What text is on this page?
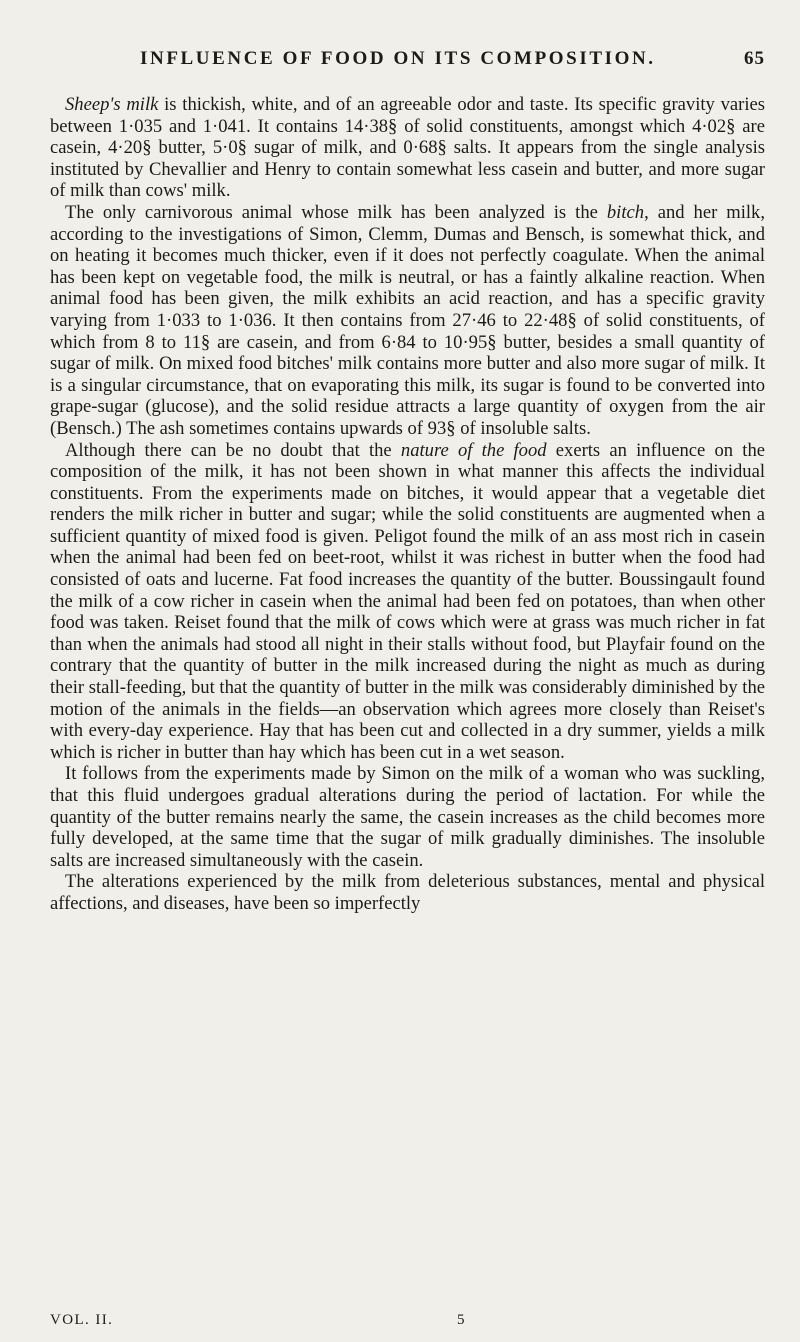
INFLUENCE OF FOOD ON ITS COMPOSITION.	65

Sheep's milk is thickish, white, and of an agreeable odor and taste. Its specific gravity varies between 1·035 and 1·041. It contains 14·38§ of solid constituents, amongst which 4·02§ are casein, 4·20§ butter, 5·0§ sugar of milk, and 0·68§ salts. It appears from the single analysis instituted by Chevallier and Henry to contain somewhat less casein and butter, and more sugar of milk than cows' milk.

The only carnivorous animal whose milk has been analyzed is the bitch, and her milk, according to the investigations of Simon, Clemm, Dumas and Bensch, is somewhat thick, and on heating it becomes much thicker, even if it does not perfectly coagulate. When the animal has been kept on vegetable food, the milk is neutral, or has a faintly alkaline reaction. When animal food has been given, the milk exhibits an acid reaction, and has a specific gravity varying from 1·033 to 1·036. It then contains from 27·46 to 22·48§ of solid constituents, of which from 8 to 11§ are casein, and from 6·84 to 10·95§ butter, besides a small quantity of sugar of milk. On mixed food bitches' milk contains more butter and also more sugar of milk. It is a singular circumstance, that on evaporating this milk, its sugar is found to be converted into grape-sugar (glucose), and the solid residue attracts a large quantity of oxygen from the air (Bensch.) The ash sometimes contains upwards of 93§ of insoluble salts.

Although there can be no doubt that the nature of the food exerts an influence on the composition of the milk, it has not been shown in what manner this affects the individual constituents. From the experiments made on bitches, it would appear that a vegetable diet renders the milk richer in butter and sugar; while the solid constituents are augmented when a sufficient quantity of mixed food is given. Peligot found the milk of an ass most rich in casein when the animal had been fed on beet-root, whilst it was richest in butter when the food had consisted of oats and lucerne. Fat food increases the quantity of the butter. Boussingault found the milk of a cow richer in casein when the animal had been fed on potatoes, than when other food was taken. Reiset found that the milk of cows which were at grass was much richer in fat than when the animals had stood all night in their stalls without food, but Playfair found on the contrary that the quantity of butter in the milk increased during the night as much as during their stall-feeding, but that the quantity of butter in the milk was considerably diminished by the motion of the animals in the fields—an observation which agrees more closely than Reiset's with every-day experience. Hay that has been cut and collected in a dry summer, yields a milk which is richer in butter than hay which has been cut in a wet season.

It follows from the experiments made by Simon on the milk of a woman who was suckling, that this fluid undergoes gradual alterations during the period of lactation. For while the quantity of the butter remains nearly the same, the casein increases as the child becomes more fully developed, at the same time that the sugar of milk gradually diminishes. The insoluble salts are increased simultaneously with the casein.

The alterations experienced by the milk from deleterious substances, mental and physical affections, and diseases, have been so imperfectly

VOL. II.	5
